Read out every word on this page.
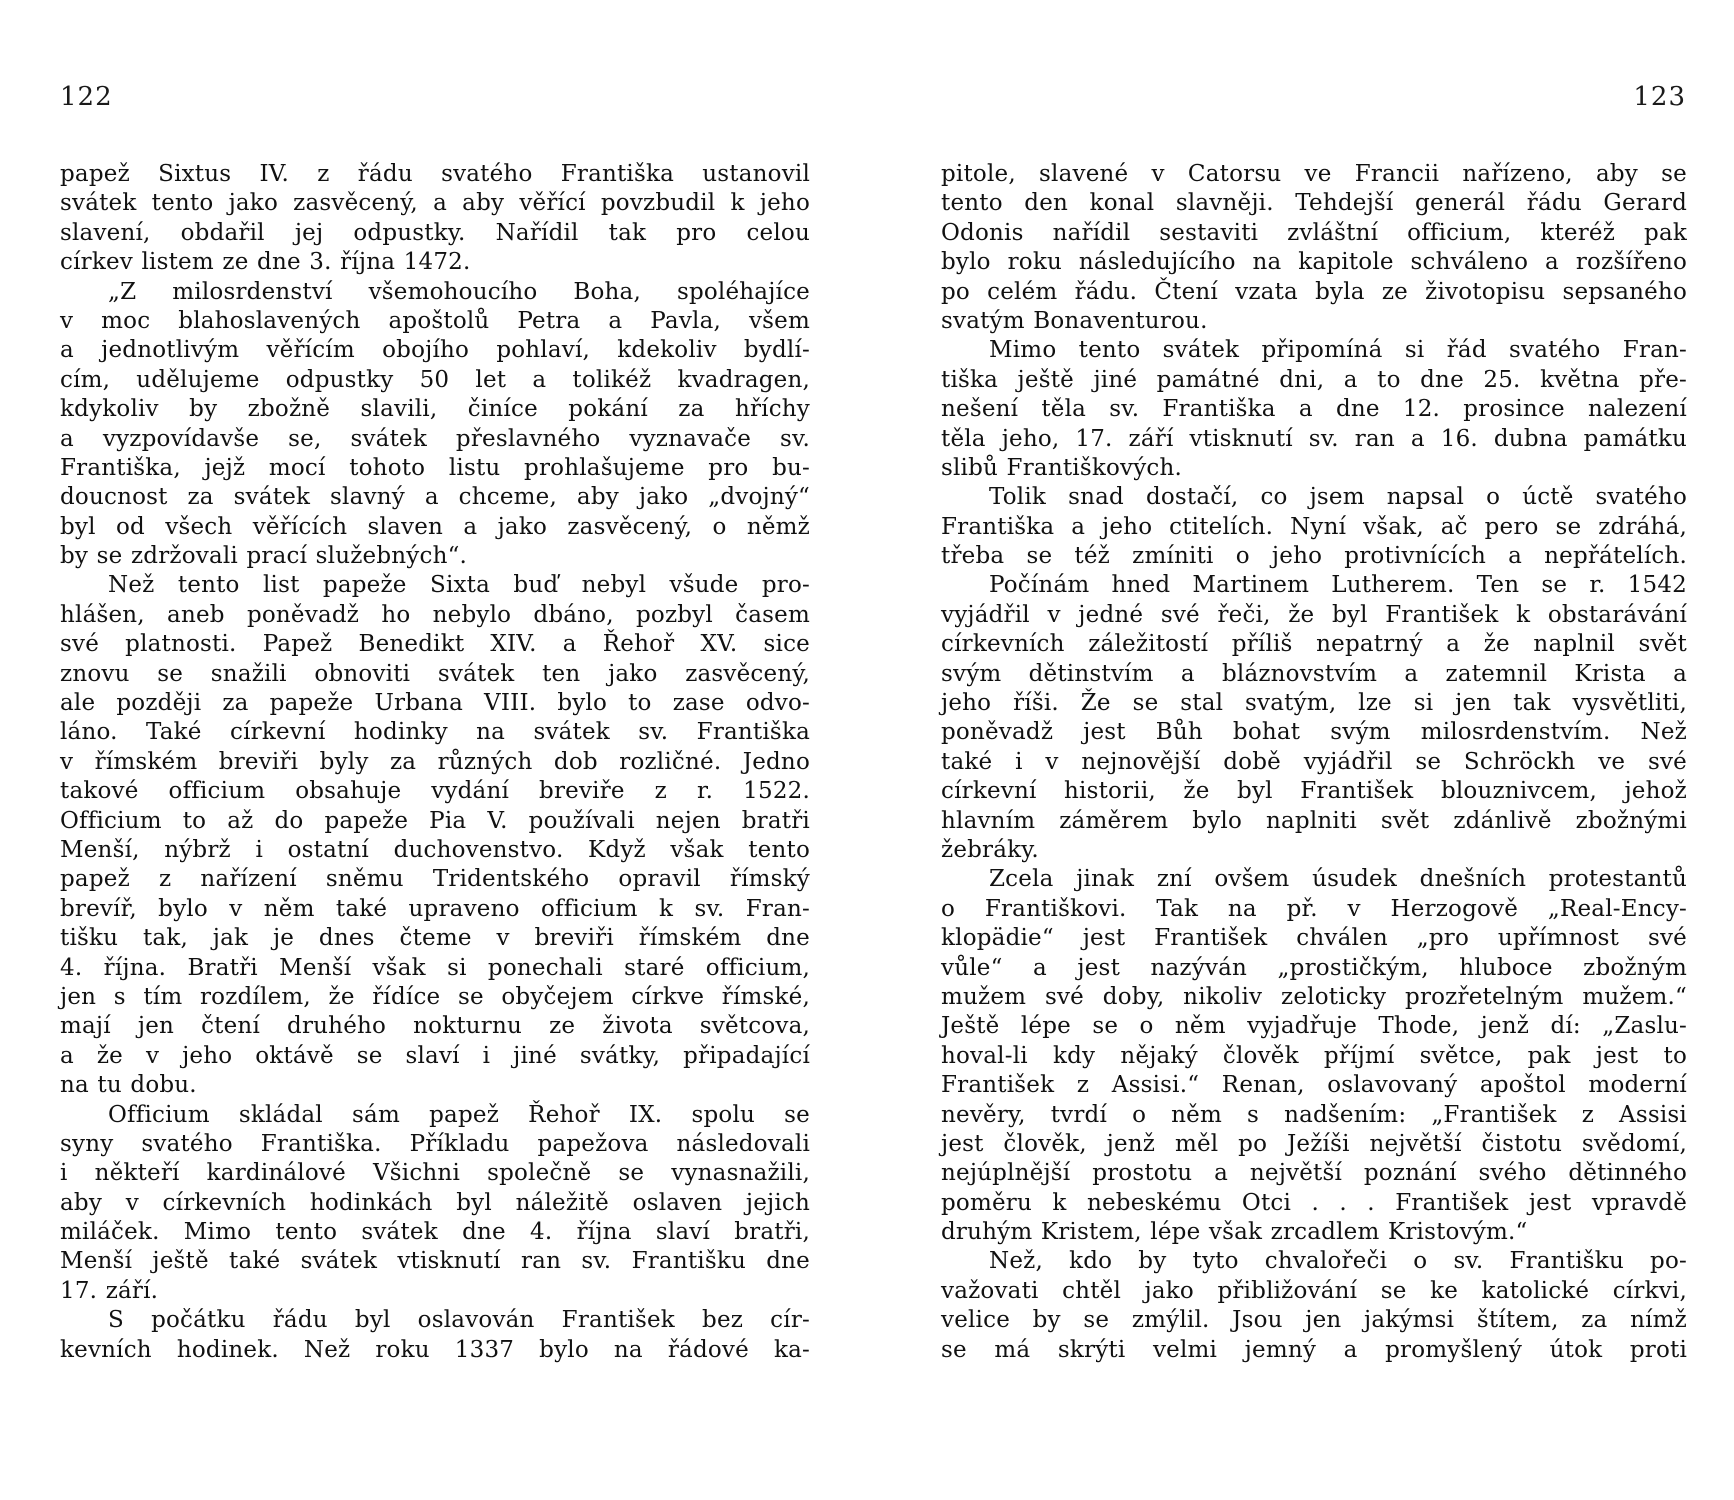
122
papež Sixtus IV. z řádu svatého Františka ustanovil
svátek tento jako zasvěcený, a aby věřící povzbudil k jeho
slavení, obdařil jej odpustky. Nařídil tak pro celou
církev listem ze dne 3. října 1472.
„Z milosrdenství všemohoucího Boha, spoléhajíce
v moc blahoslavených apoštolů Petra a Pavla, všem
a jednotlivým věřícím obojího pohlaví, kdekoliv bydlí-
cím, udělujeme odpustky 50 let a tolikéž kvadragen,
kdykoliv by zbožně slavili, činíce pokání za hříchy
a vyzpovídavše se, svátek přeslavného vyznavače sv.
Františka, jejž mocí tohoto listu prohlašujeme pro bu-
doucnost za svátek slavný a chceme, aby jako „dvojný“
byl od všech věřících slaven a jako zasvěcený, o němž
by se zdržovali prací služebných“.
Než tento list papeže Sixta buď nebyl všude pro-
hlášen, aneb poněvadž ho nebylo dbáno, pozbyl časem
své platnosti. Papež Benedikt XIV. a Řehoř XV. sice
znovu se snažili obnoviti svátek ten jako zasvěcený,
ale později za papeže Urbana VIII. bylo to zase odvo-
láno. Také církevní hodinky na svátek sv. Františka
v římském breviři byly za různých dob rozličné. Jedno
takové officium obsahuje vydání breviře z r. 1522.
Officium to až do papeže Pia V. používali nejen bratři
Menší, nýbrž i ostatní duchovenstvo. Když však tento
papež z nařízení sněmu Tridentského opravil římský
brevíř, bylo v něm také upraveno officium k sv. Fran-
tišku tak, jak je dnes čteme v breviři římském dne
4. října. Bratři Menší však si ponechali staré officium,
jen s tím rozdílem, že řídíce se obyčejem církve římské,
mají jen čtení druhého nokturnu ze života světcova,
a že v jeho oktávě se slaví i jiné svátky, připadající
na tu dobu.
Officium skládal sám papež Řehoř IX. spolu se
syny svatého Františka. Příkladu papežova následovali
i někteří kardinálové Všichni společně se vynasnažili,
aby v církevních hodinkách byl náležitě oslaven jejich
miláček. Mimo tento svátek dne 4. října slaví bratři,
Menší ještě také svátek vtisknutí ran sv. Františku dne
17. září.
S počátku řádu byl oslavován František bez cír-
kevních hodinek. Než roku 1337 bylo na řádové ka-
123
pitole, slavené v Catorsu ve Francii nařízeno, aby se
tento den konal slavněji. Tehdejší generál řádu Gerard
Odonis nařídil sestaviti zvláštní officium, kteréž pak
bylo roku následujícího na kapitole schváleno a rozšířeno
po celém řádu. Čtení vzata byla ze životopisu sepsaného
svatým Bonaventurou.
Mimo tento svátek připomíná si řád svatého Fran-
tiška ještě jiné památné dni, a to dne 25. května pře-
nešení těla sv. Františka a dne 12. prosince nalezení
těla jeho, 17. září vtisknutí sv. ran a 16. dubna památku
slibů Františkových.
Tolik snad dostačí, co jsem napsal o úctě svatého
Františka a jeho ctitelích. Nyní však, ač pero se zdráhá,
třeba se též zmíniti o jeho protivnících a nepřátelích.
Počínám hned Martinem Lutherem. Ten se r. 1542
vyjádřil v jedné své řeči, že byl František k obstarávání
církevních záležitostí příliš nepatrný a že naplnil svět
svým dětinstvím a bláznovstvím a zatemnil Krista a
jeho říši. Že se stal svatým, lze si jen tak vysvětliti,
poněvadž jest Bůh bohat svým milosrdenstvím. Než
také i v nejnovější době vyjádřil se Schröckh ve své
církevní historii, že byl František blouznivcem, jehož
hlavním záměrem bylo naplniti svět zdánlivě zbožnými
žebráky.
Zcela jinak zní ovšem úsudek dnešních protestantů
o Františkovi. Tak na př. v Herzogově „Real-Ency-
klopädie“ jest František chválen „pro upřímnost své
vůle“ a jest nazýván „prostičkým, hluboce zbožným
mužem své doby, nikoliv zeloticky prozřetelným mužem.“
Ještě lépe se o něm vyjadřuje Thode, jenž dí: „Zaslu-
hoval-li kdy nějaký člověk příjmí světce, pak jest to
František z Assisi.“ Renan, oslavovaný apoštol moderní
nevěry, tvrdí o něm s nadšením: „František z Assisi
jest člověk, jenž měl po Ježíši největší čistotu svědomí,
nejúplnější prostotu a největší poznání svého dětinného
poměru k nebeskému Otci . . . František jest vpravdě
druhým Kristem, lépe však zrcadlem Kristovým.“
Než, kdo by tyto chvalořeči o sv. Františku po-
važovati chtěl jako přibližování se ke katolické církvi,
velice by se zmýlil. Jsou jen jakýmsi štítem, za nímž
se má skrýti velmi jemný a promyšlený útok proti
